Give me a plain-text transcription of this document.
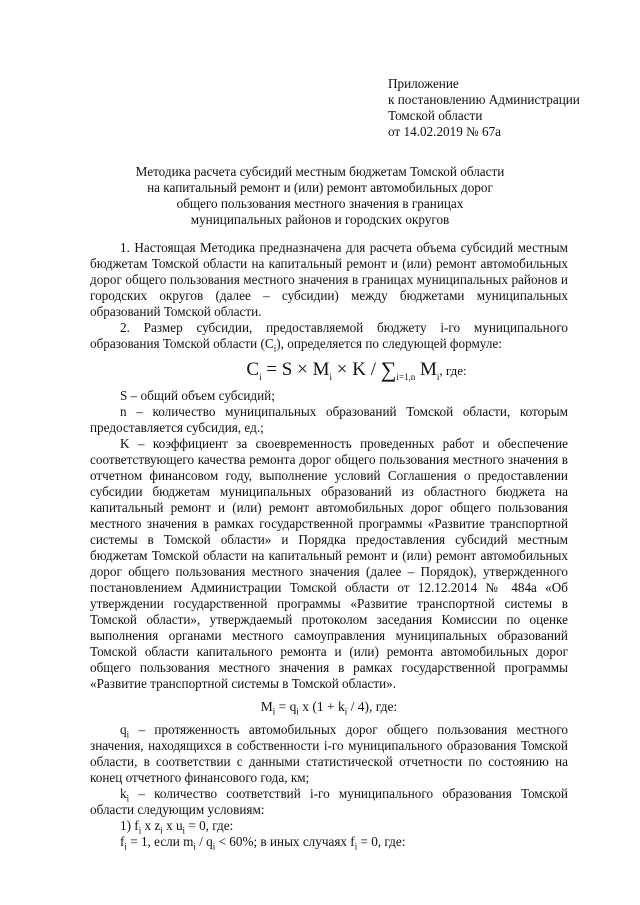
Приложение
к постановлению Администрации
Томской области
от 14.02.2019 № 67а
Методика расчета субсидий местным бюджетам Томской области
на капитальный ремонт и (или) ремонт автомобильных дорог
общего пользования местного значения в границах
муниципальных районов и городских округов

1. Настоящая Методика предназначена для расчета объема субсидий местным бюджетам Томской области на капитальный ремонт и (или) ремонт автомобильных дорог общего пользования местного значения в границах муниципальных районов и городских округов (далее – субсидии) между бюджетами муниципальных образований Томской области.

2. Размер субсидии, предоставляемой бюджету i-го муниципального образования Томской области $(C_i)$, определяется по следующей формуле:

$C_i = S \times M_i \times K / \sum_{i=1,n}$ $M_i$, где:

S – общий объем субсидий;

n – количество муниципальных образований Томской области, которым предоставляется субсидия, ед.;

K – коэффициент за своевременность проведенных работ и обеспечение соответствующего качества ремонта дорог общего пользования местного значения в отчетном финансовом году, выполнение условий Соглашения о предоставлении субсидии бюджетам муниципальных образований из областного бюджета на капитальный ремонт и (или) ремонт автомобильных дорог общего пользования местного значения в рамках государственной программы «Развитие транспортной системы в Томской области» и Порядка предоставления субсидий местным бюджетам Томской области на капитальный ремонт и (или) ремонт автомобильных дорог общего пользования местного значения (далее – Порядок), утвержденного постановлением Администрации Томской области от 12.12.2014 № 484а «Об утверждении государственной программы «Развитие транспортной системы в Томской области», утверждаемый протоколом заседания Комиссии по оценке выполнения органами местного самоуправления муниципальных образований Томской области капитального ремонта и (или) ремонта автомобильных дорог общего пользования местного значения в рамках государственной программы «Развитие транспортной системы в Томской области».

$M_i = q_i$ x $(1 + k_i / 4)$, где:

$q_i$ – протяженность автомобильных дорог общего пользования местного значения, находящихся в собственности i-го муниципального образования Томской области, в соответствии с данными статистической отчетности по состоянию на конец отчетного финансового года, км;

$k_i$ – количество соответствий i-го муниципального образования Томской области следующим условиям:

1) $f_i$ x $z_i$ x $u_i = 0$, где:

$f_i = 1$, если $m_i / q_i < 60\%$; в иных случаях $f_i = 0$, где:
